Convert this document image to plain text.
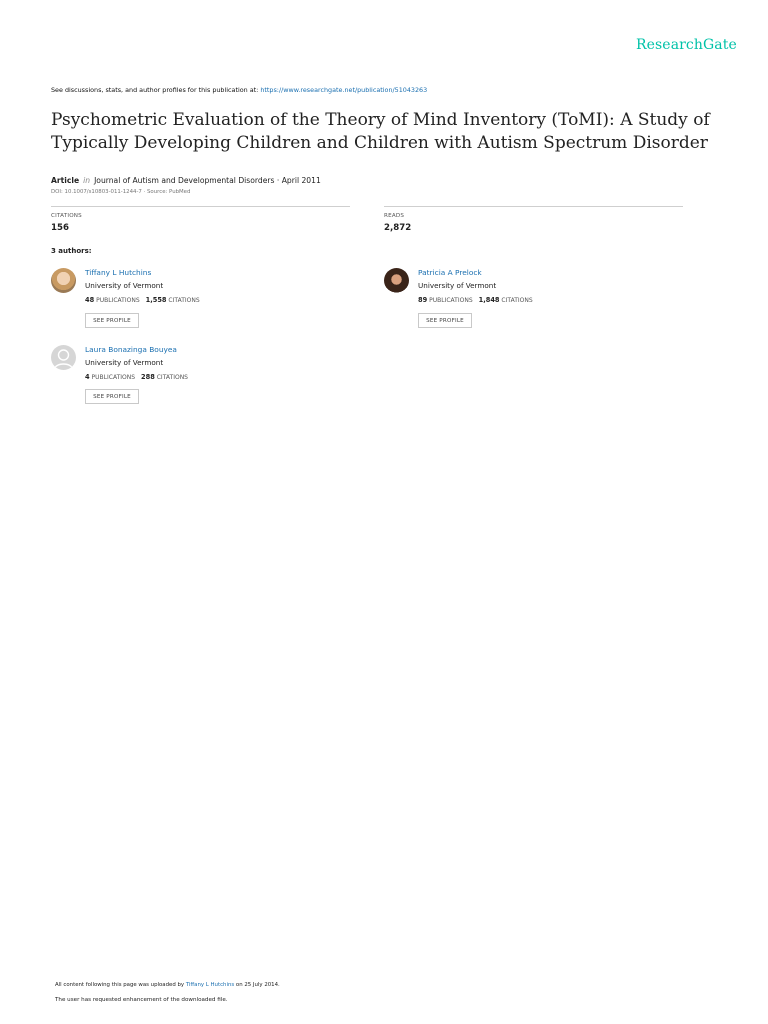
ResearchGate
See discussions, stats, and author profiles for this publication at: https://www.researchgate.net/publication/51043263
Psychometric Evaluation of the Theory of Mind Inventory (ToMI): A Study of Typically Developing Children and Children with Autism Spectrum Disorder
Article in Journal of Autism and Developmental Disorders · April 2011
DOI: 10.1007/s10803-011-1244-7 · Source: PubMed
CITATIONS
156
READS
2,872
3 authors:
Tiffany L Hutchins
University of Vermont
48 PUBLICATIONS 1,558 CITATIONS
SEE PROFILE
Patricia A Prelock
University of Vermont
89 PUBLICATIONS 1,848 CITATIONS
SEE PROFILE
Laura Bonazinga Bouyea
University of Vermont
4 PUBLICATIONS 288 CITATIONS
SEE PROFILE
All content following this page was uploaded by Tiffany L Hutchins on 25 July 2014.
The user has requested enhancement of the downloaded file.
